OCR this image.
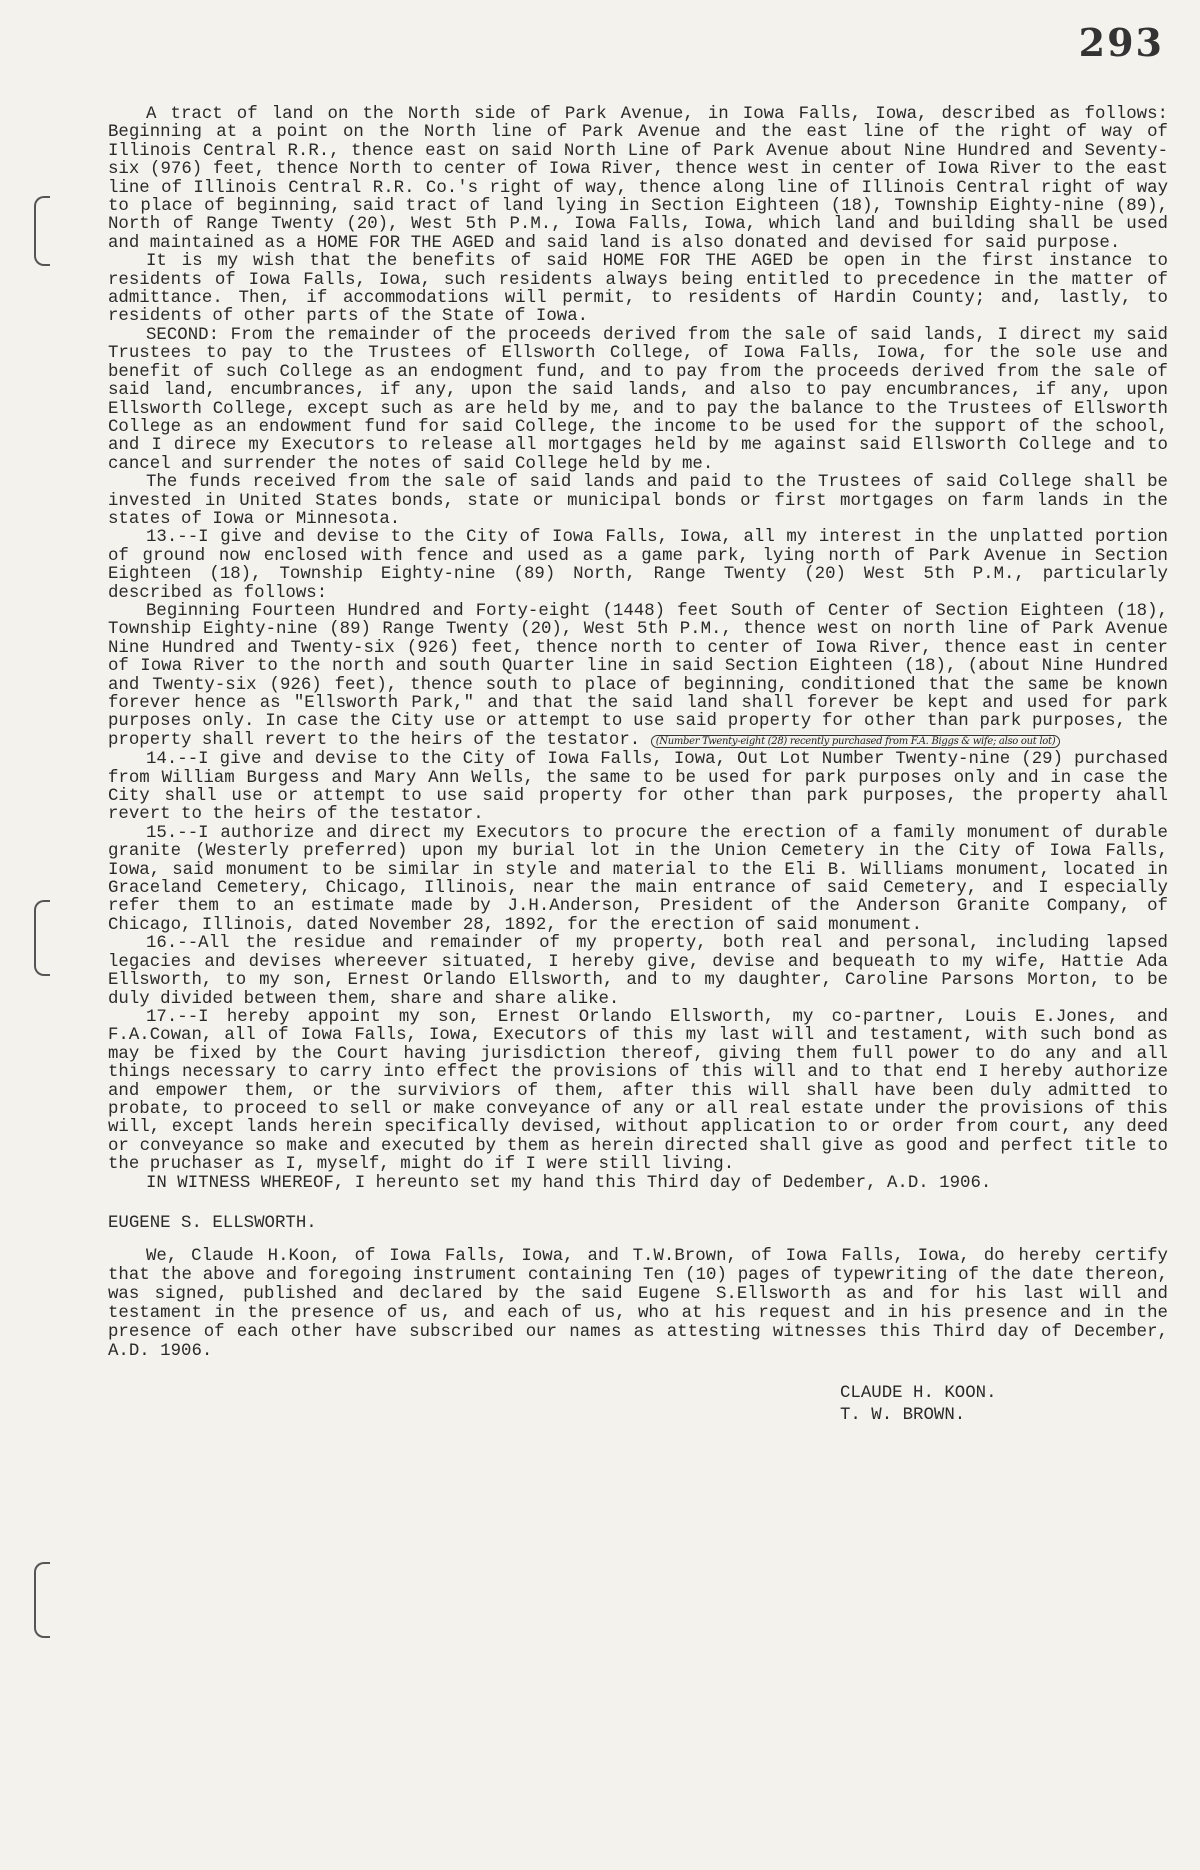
293

A tract of land on the North side of Park Avenue, in Iowa Falls, Iowa, described as follows: Beginning at a point on the North line of Park Avenue and the east line of the right of way of Illinois Central R.R., thence east on said North Line of Park Avenue about Nine Hundred and Seventy-six (976) feet, thence North to center of Iowa River, thence west in center of Iowa River to the east line of Illinois Central R.R. Co.'s right of way, thence along line of Illinois Central right of way to place of beginning, said tract of land lying in Section Eighteen (18), Township Eighty-nine (89), North of Range Twenty (20), West 5th P.M., Iowa Falls, Iowa, which land and building shall be used and maintained as a HOME FOR THE AGED and said land is also donated and devised for said purpose.

It is my wish that the benefits of said HOME FOR THE AGED be open in the first instance to residents of Iowa Falls, Iowa, such residents always being entitled to precedence in the matter of admittance. Then, if accommodations will permit, to residents of Hardin County; and, lastly, to residents of other parts of the State of Iowa.

SECOND: From the remainder of the proceeds derived from the sale of said lands, I direct my said Trustees to pay to the Trustees of Ellsworth College, of Iowa Falls, Iowa, for the sole use and benefit of such College as an endogment fund, and to pay from the proceeds derived from the sale of said land, encumbrances, if any, upon the said lands, and also to pay encumbrances, if any, upon Ellsworth College, except such as are held by me, and to pay the balance to the Trustees of Ellsworth College as an endowment fund for said College, the income to be used for the support of the school, and I direce my Executors to release all mortgages held by me against said Ellsworth College and to cancel and surrender the notes of said College held by me.

The funds received from the sale of said lands and paid to the Trustees of said College shall be invested in United States bonds, state or municipal bonds or first mortgages on farm lands in the states of Iowa or Minnesota.

13.--I give and devise to the City of Iowa Falls, Iowa, all my interest in the unplatted portion of ground now enclosed with fence and used as a game park, lying north of Park Avenue in Section Eighteen (18), Township Eighty-nine (89) North, Range Twenty (20) West 5th P.M., particularly described as follows:

Beginning Fourteen Hundred and Forty-eight (1448) feet South of Center of Section Eighteen (18), Township Eighty-nine (89) Range Twenty (20), West 5th P.M., thence west on north line of Park Avenue Nine Hundred and Twenty-six (926) feet, thence north to center of Iowa River, thence east in center of Iowa River to the north and south Quarter line in said Section Eighteen (18), (about Nine Hundred and Twenty-six (926) feet), thence south to place of beginning, conditioned that the same be known forever hence as "Ellsworth Park," and that the said land shall forever be kept and used for park purposes only. In case the City use or attempt to use said property for other than park purposes, the property shall revert to the heirs of the testator. (Number Twenty-eight (28) recently purchased from F.A. Biggs & wife; also out lot)

14.--I give and devise to the City of Iowa Falls, Iowa, Out Lot Number Twenty-nine (29) purchased from William Burgess and Mary Ann Wells, the same to be used for park purposes only and in case the City shall use or attempt to use said property for other than park purposes, the property ahall revert to the heirs of the testator.

15.--I authorize and direct my Executors to procure the erection of a family monument of durable granite (Westerly preferred) upon my burial lot in the Union Cemetery in the City of Iowa Falls, Iowa, said monument to be similar in style and material to the Eli B. Williams monument, located in Graceland Cemetery, Chicago, Illinois, near the main entrance of said Cemetery, and I especially refer them to an estimate made by J.H.Anderson, President of the Anderson Granite Company, of Chicago, Illinois, dated November 28, 1892, for the erection of said monument.

16.--All the residue and remainder of my property, both real and personal, including lapsed legacies and devises whereever situated, I hereby give, devise and bequeath to my wife, Hattie Ada Ellsworth, to my son, Ernest Orlando Ellsworth, and to my daughter, Caroline Parsons Morton, to be duly divided between them, share and share alike.

17.--I hereby appoint my son, Ernest Orlando Ellsworth, my co-partner, Louis E.Jones, and F.A.Cowan, all of Iowa Falls, Iowa, Executors of this my last will and testament, with such bond as may be fixed by the Court having jurisdiction thereof, giving them full power to do any and all things necessary to carry into effect the provisions of this will and to that end I hereby authorize and empower them, or the surviviors of them, after this will shall have been duly admitted to probate, to proceed to sell or make conveyance of any or all real estate under the provisions of this will, except lands herein specifically devised, without application to or order from court, any deed or conveyance so make and executed by them as herein directed shall give as good and perfect title to the pruchaser as I, myself, might do if I were still living.

IN WITNESS WHEREOF, I hereunto set my hand this Third day of Dedember, A.D. 1906.

EUGENE S. ELLSWORTH.

We, Claude H.Koon, of Iowa Falls, Iowa, and T.W.Brown, of Iowa Falls, Iowa, do hereby certify that the above and foregoing instrument containing Ten (10) pages of typewriting of the date thereon, was signed, published and declared by the said Eugene S.Ellsworth as and for his last will and testament in the presence of us, and each of us, who at his request and in his presence and in the presence of each other have subscribed our names as attesting witnesses this Third day of December, A.D. 1906.

CLAUDE H. KOON.
T. W. BROWN.
